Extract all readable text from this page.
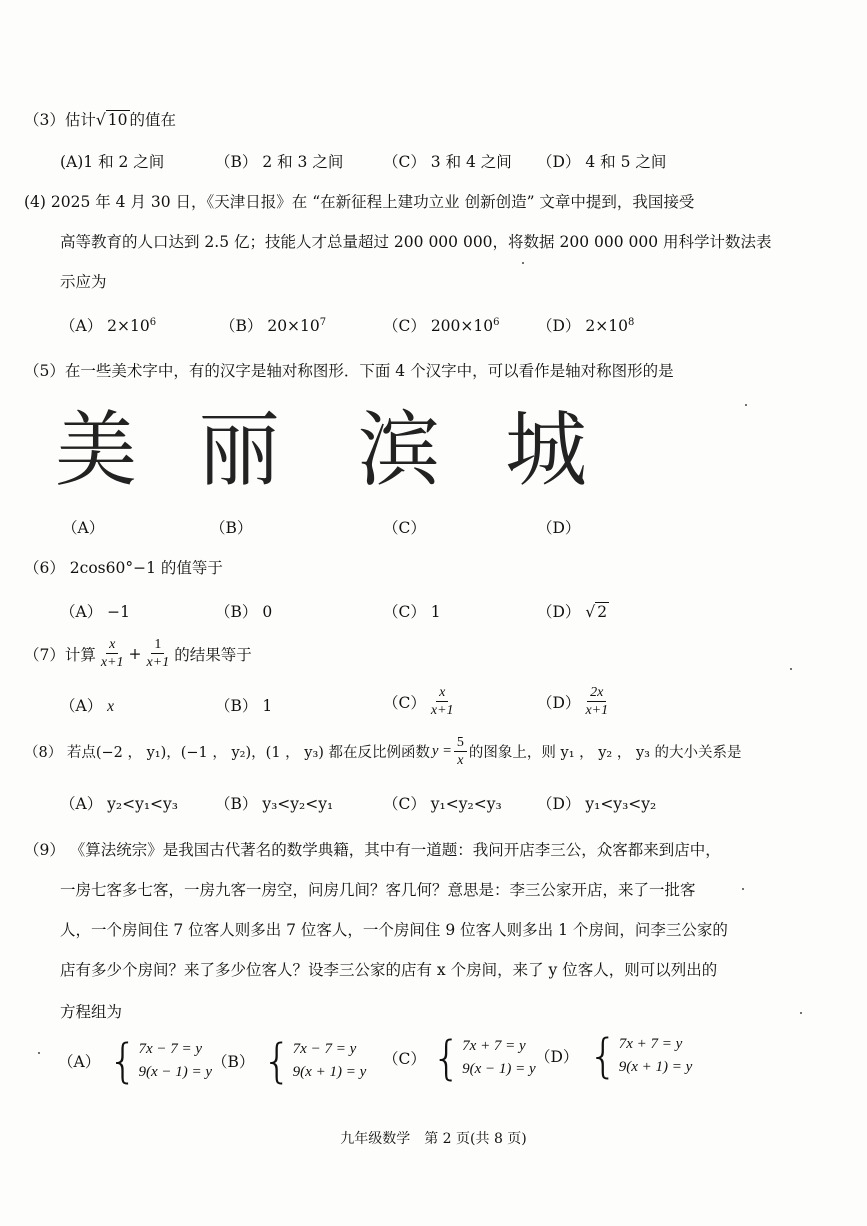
（3）估计√ 10 的值在
(A)1 和 2 之间	（B） 2 和 3 之间	（C） 3 和 4 之间 （D） 4 和 5 之间
(4) 2025 年 4 月 30 日，《天津日报》在 “在新征程上建功立业 创新创造” 文章中提到，我国接受
高等教育的人口达到 2.5 亿；技能人才总量超过 200 000 000，将数据 200 000 000 用科学计数法表
示应为
（A） $2\times 10^6$	（B） $20\times 10^7$	（C） $200\times 10^6$ （D） $2\times 10^8$
（5）在一些美术字中，有的汉字是轴对称图形．下面 4 个汉字中，可以看作是轴对称图形的是
美 丽 滨 城
（A）	（B）	（C）	（D）
（6） 2cos60°−1 的值等于
（A） −1	（B） 0	（C） 1	（D） √ 2
（7）计算 $\frac{x}{x+1} + \frac{1}{x+1}$ 的结果等于
（A） x	（B） 1	$(C) \frac{x}{x+1}$	$(D) \frac{2x}{x+1}$
（8） 若点(−2 ， y₁)，(−1 ， y₂)，(1 ， y₃) 都在反比例函数 $y = \frac{5}{x}$ 的图象上，则 y₁ ， y₂ ， y₃ 的大小关系是
（A） y₂<y₁<y₃ （B） y₃<y₂<y₁	（C） y₁<y₂<y₃ （D） y₁<y₃<y₂
（9） 《算法统宗》是我国古代著名的数学典籍，其中有一道题：我问开店李三公，众客都来到店中，
一房七客多七客，一房九客一房空，问房几间？客几何？意思是：李三公家开店，来了一批客
人，一个房间住 7 位客人则多出 7 位客人，一个房间住 9 位客人则多出 1 个房间，问李三公家的
店有多少个房间？来了多少位客人？设李三公家的店有 x 个房间，来了 y 位客人，则可以列出的
方程组为
（A） { 7x − 7 = y
9(x − 1) = y
（B） { 7x − 7 = y
9(x + 1) = y
（C） { 7x + 7 = y
9(x − 1) = y
（D） { 7x + 7 = y
9(x + 1) = y
九年级数学　第 2 页(共 8 页)
